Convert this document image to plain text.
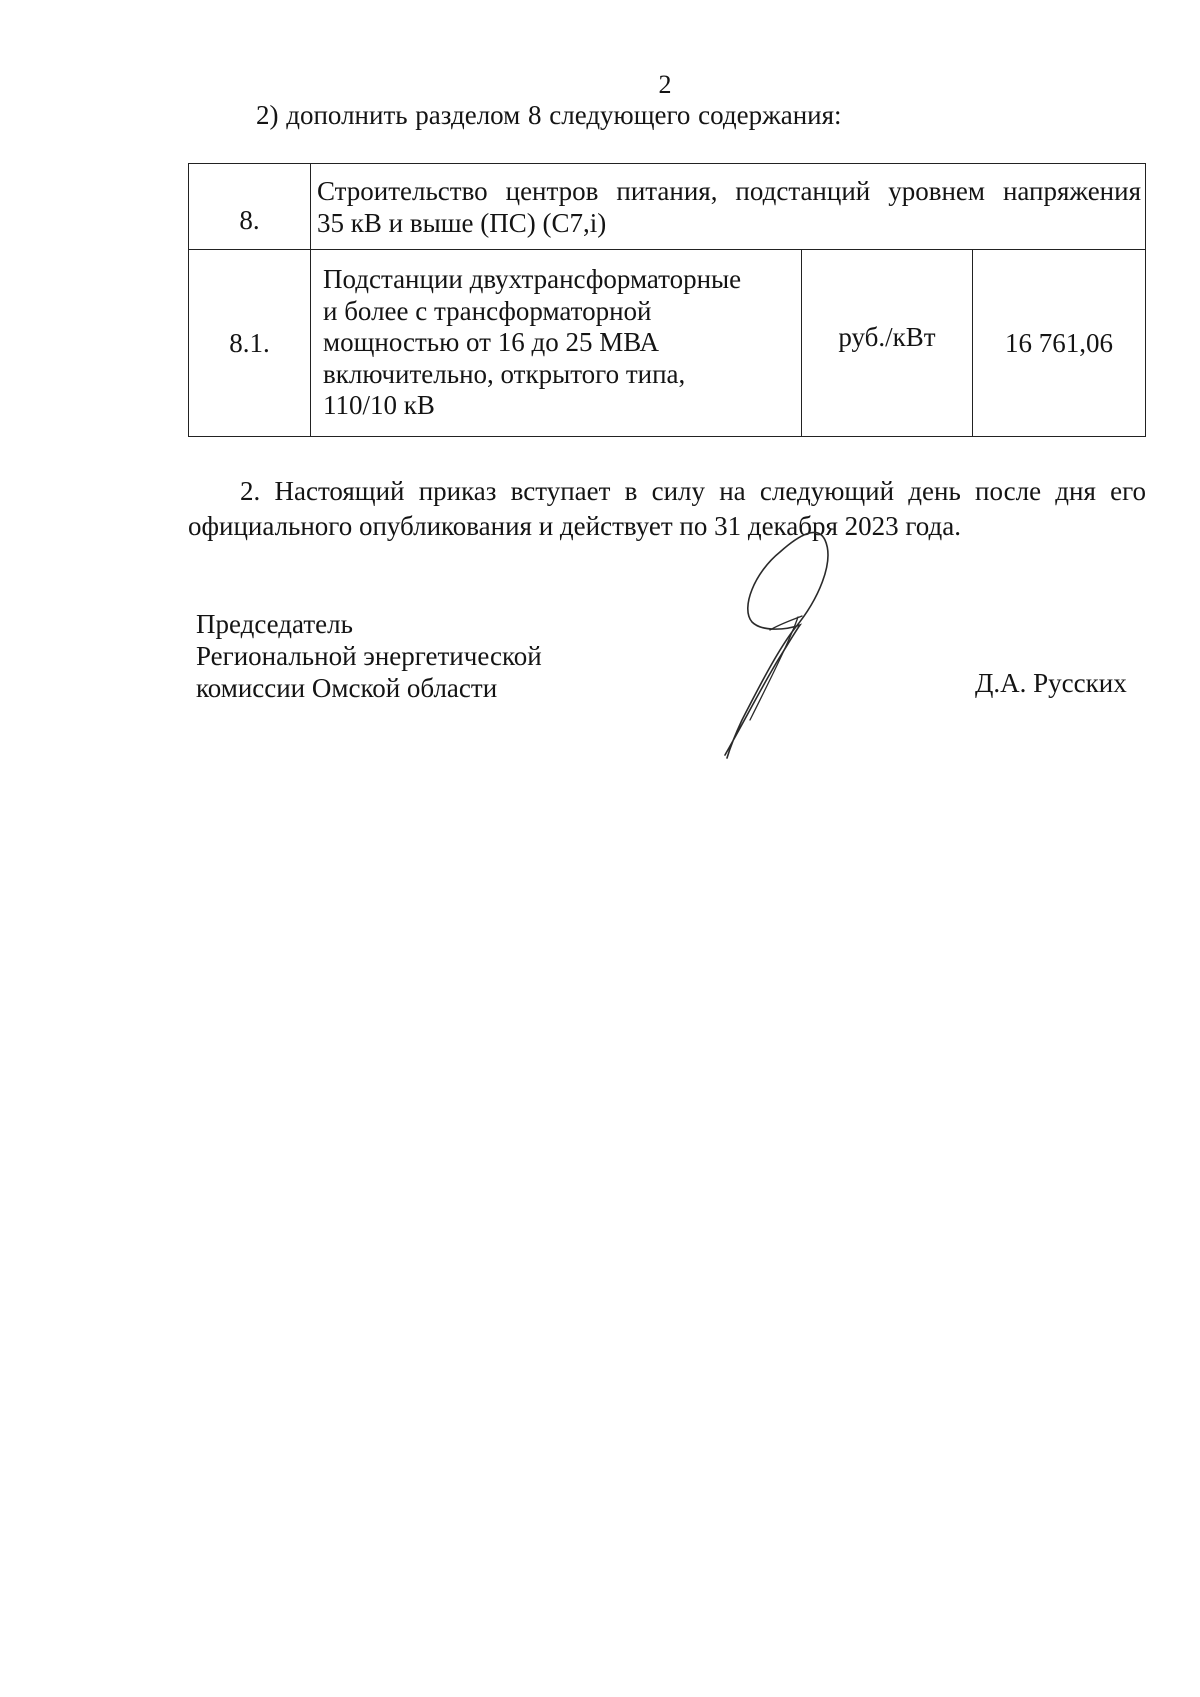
2
2) дополнить разделом 8 следующего содержания:
8.	Строительство центров питания, подстанций уровнем напряжения
35 кВ и выше (ПС) (С7,i)		

8.1.	Подстанции двухтрансформаторные
и более с трансформаторной
мощностью от 16 до 25 МВА
включительно, открытого типа,
110/10 кВ	руб./кВт	16 761,06
2. Настоящий приказ вступает в силу на следующий день после дня его официального опубликования и действует по 31 декабря 2023 года.
Председатель
Региональной энергетической
комиссии Омской области	Д.А. Русских
